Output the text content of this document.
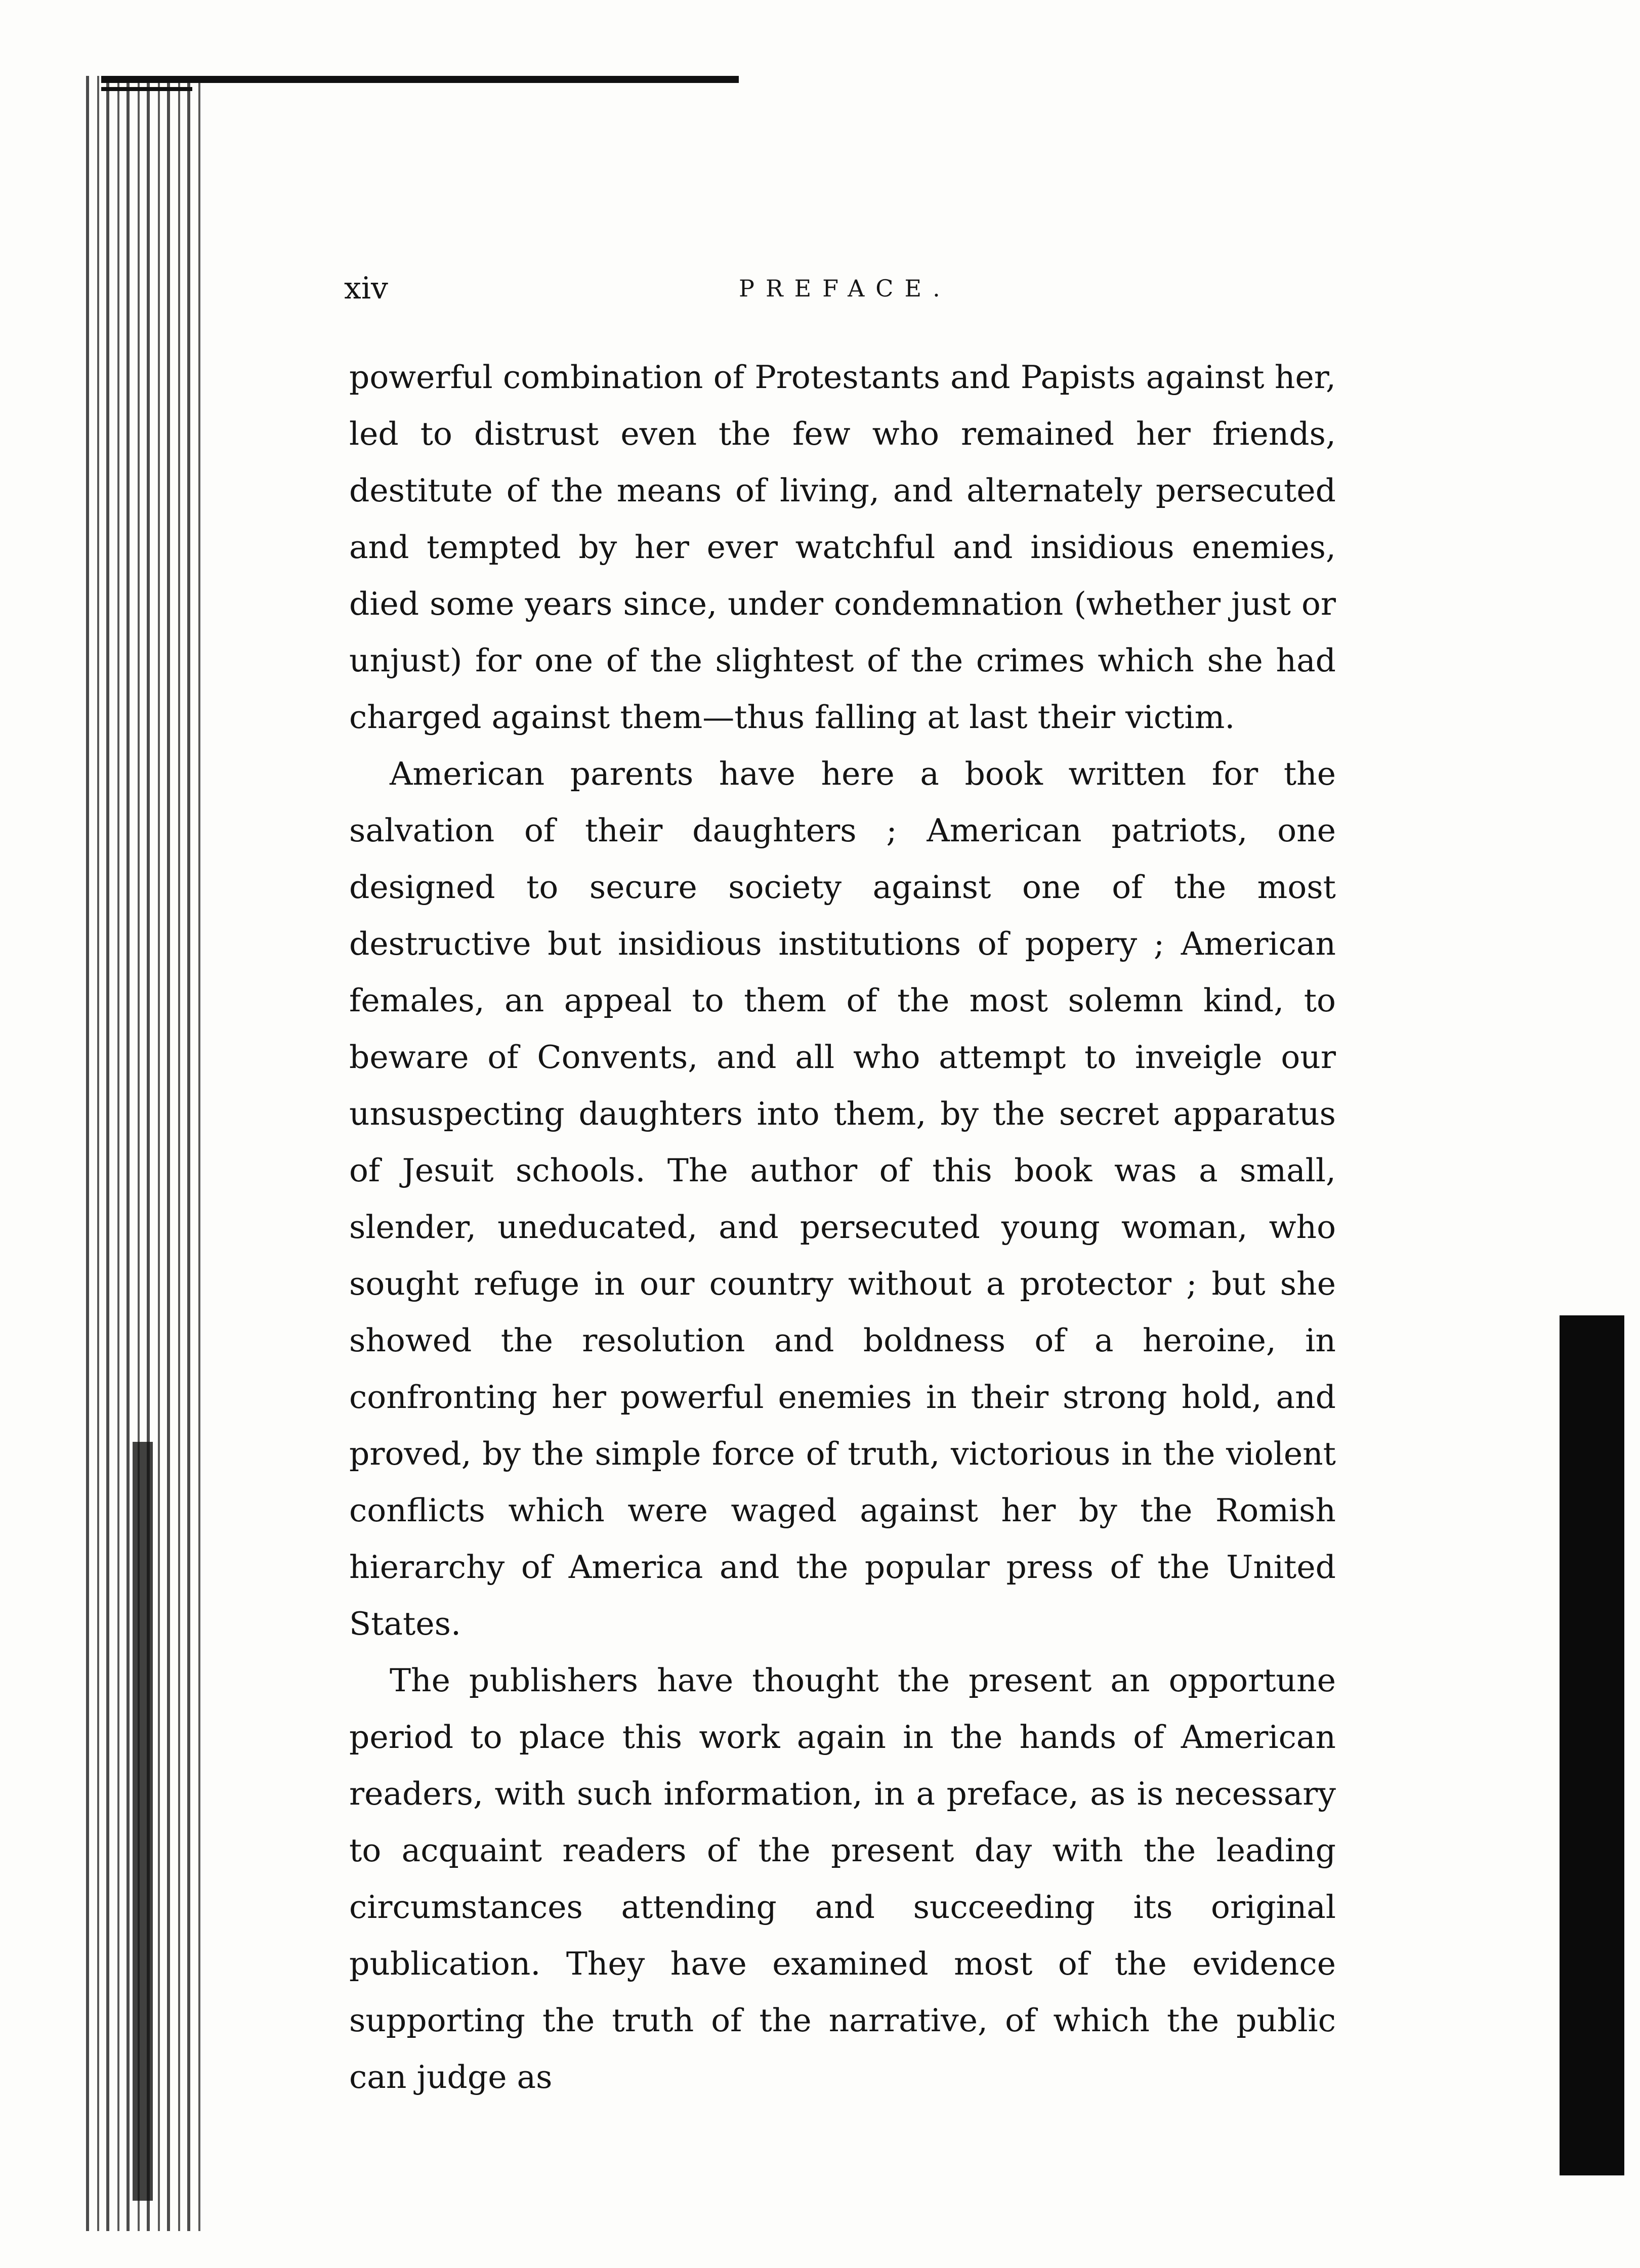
xiv	PREFACE.

powerful combination of Protestants and Papists against her, led to distrust even the few who remained her friends, destitute of the means of living, and alternately persecuted and tempted by her ever watchful and insidious enemies, died some years since, under condemnation (whether just or unjust) for one of the slightest of the crimes which she had charged against them—thus falling at last their victim.

American parents have here a book written for the salvation of their daughters ; American patriots, one designed to secure society against one of the most destructive but insidious institutions of popery ; American females, an appeal to them of the most solemn kind, to beware of Convents, and all who attempt to inveigle our unsuspecting daughters into them, by the secret apparatus of Jesuit schools. The author of this book was a small, slender, uneducated, and persecuted young woman, who sought refuge in our country without a protector ; but she showed the resolution and boldness of a heroine, in confronting her powerful enemies in their strong hold, and proved, by the simple force of truth, victorious in the violent conflicts which were waged against her by the Romish hierarchy of America and the popular press of the United States.

The publishers have thought the present an opportune period to place this work again in the hands of American readers, with such information, in a preface, as is necessary to acquaint readers of the present day with the leading circumstances attending and succeeding its original publication. They have examined most of the evidence supporting the truth of the narrative, of which the public can judge as
